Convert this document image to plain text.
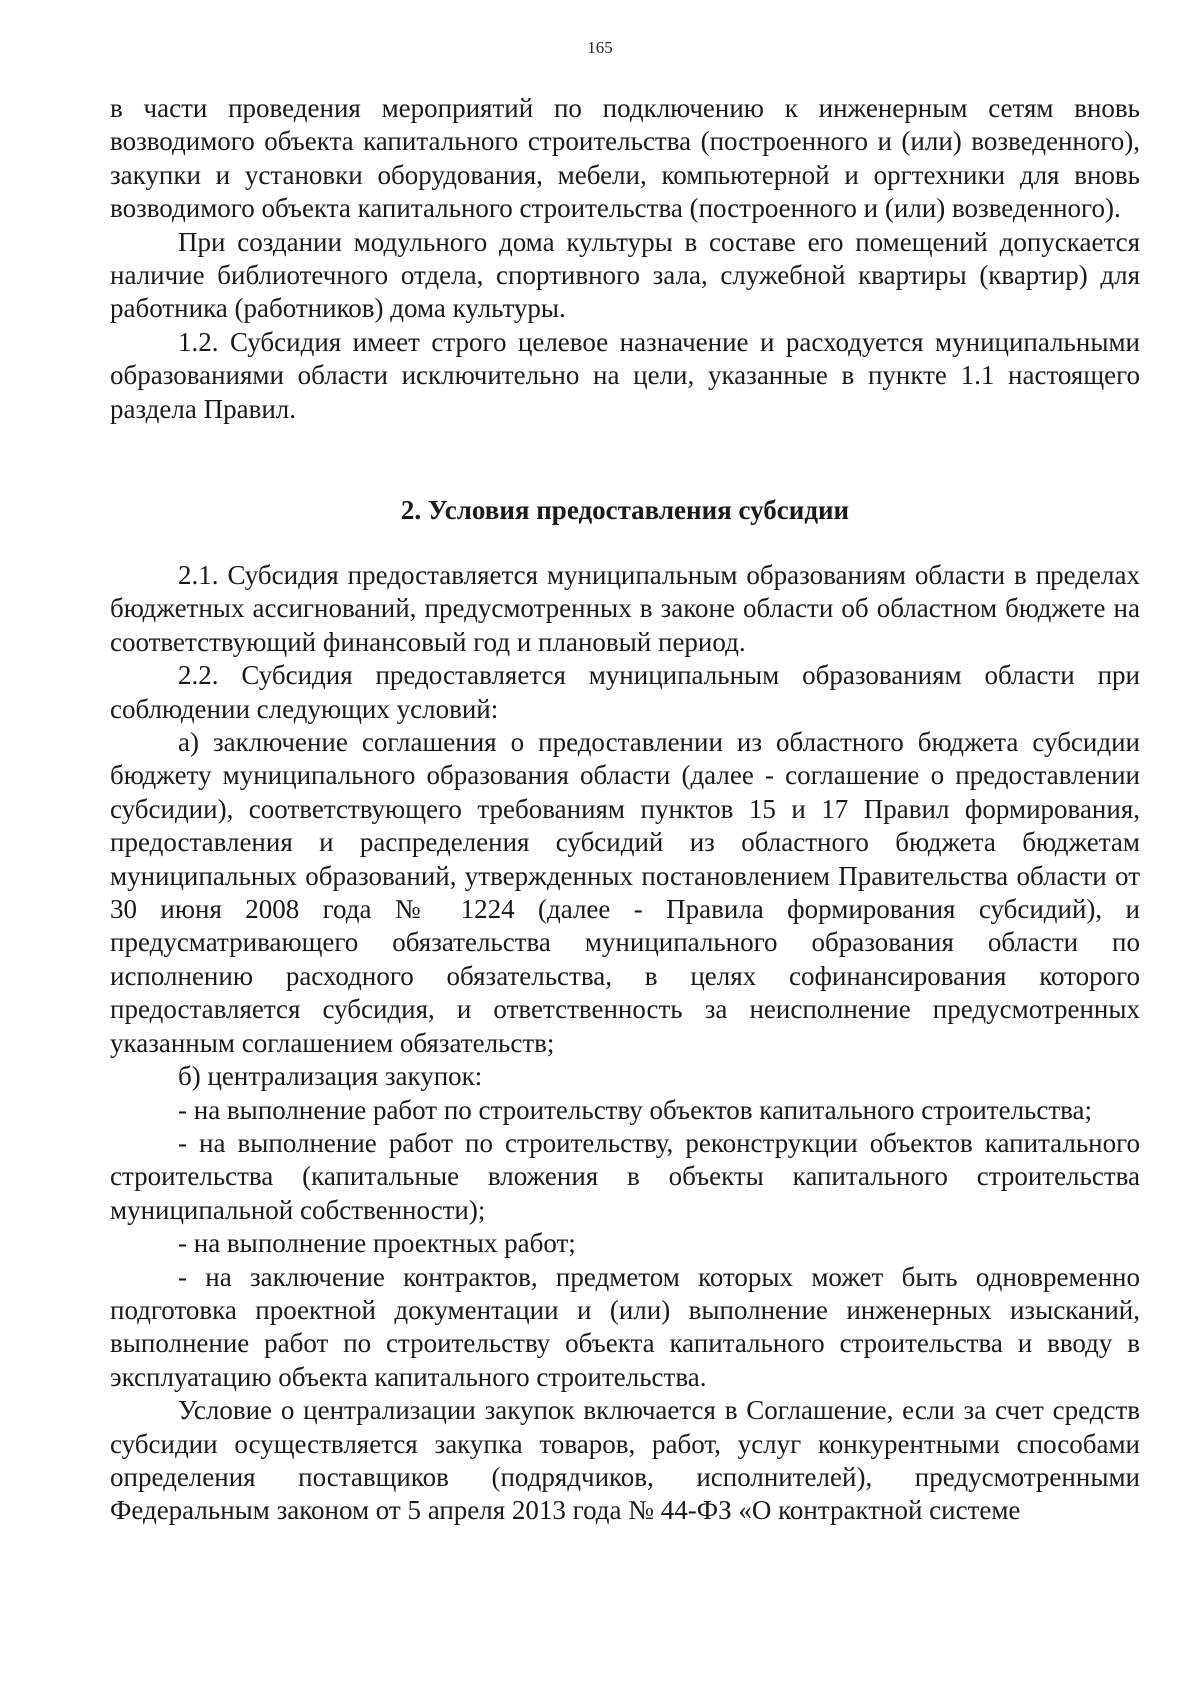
165

в части проведения мероприятий по подключению к инженерным сетям вновь возводимого объекта капитального строительства (построенного и (или) возведенного), закупки и установки оборудования, мебели, компьютерной и оргтехники для вновь возводимого объекта капитального строительства (построенного и (или) возведенного).

При создании модульного дома культуры в составе его помещений допускается наличие библиотечного отдела, спортивного зала, служебной квартиры (квартир) для работника (работников) дома культуры.

1.2. Субсидия имеет строго целевое назначение и расходуется муниципальными образованиями области исключительно на цели, указанные в пункте 1.1 настоящего раздела Правил.

2. Условия предоставления субсидии

2.1. Субсидия предоставляется муниципальным образованиям области в пределах бюджетных ассигнований, предусмотренных в законе области об областном бюджете на соответствующий финансовый год и плановый период.

2.2. Субсидия предоставляется муниципальным образованиям области при соблюдении следующих условий:

а) заключение соглашения о предоставлении из областного бюджета субсидии бюджету муниципального образования области (далее - соглашение о предоставлении субсидии), соответствующего требованиям пунктов 15 и 17 Правил формирования, предоставления и распределения субсидий из областного бюджета бюджетам муниципальных образований, утвержденных постановлением Правительства области от 30 июня 2008 года № 1224 (далее - Правила формирования субсидий), и предусматривающего обязательства муниципального образования области по исполнению расходного обязательства, в целях софинансирования которого предоставляется субсидия, и ответственность за неисполнение предусмотренных указанным соглашением обязательств;

б) централизация закупок:

- на выполнение работ по строительству объектов капитального строительства;

- на выполнение работ по строительству, реконструкции объектов капитального строительства (капитальные вложения в объекты капитального строительства муниципальной собственности);

- на выполнение проектных работ;

- на заключение контрактов, предметом которых может быть одновременно подготовка проектной документации и (или) выполнение инженерных изысканий, выполнение работ по строительству объекта капитального строительства и вводу в эксплуатацию объекта капитального строительства.

Условие о централизации закупок включается в Соглашение, если за счет средств субсидии осуществляется закупка товаров, работ, услуг конкурентными способами определения поставщиков (подрядчиков, исполнителей), предусмотренными Федеральным законом от 5 апреля 2013 года № 44-ФЗ «О контрактной системе
